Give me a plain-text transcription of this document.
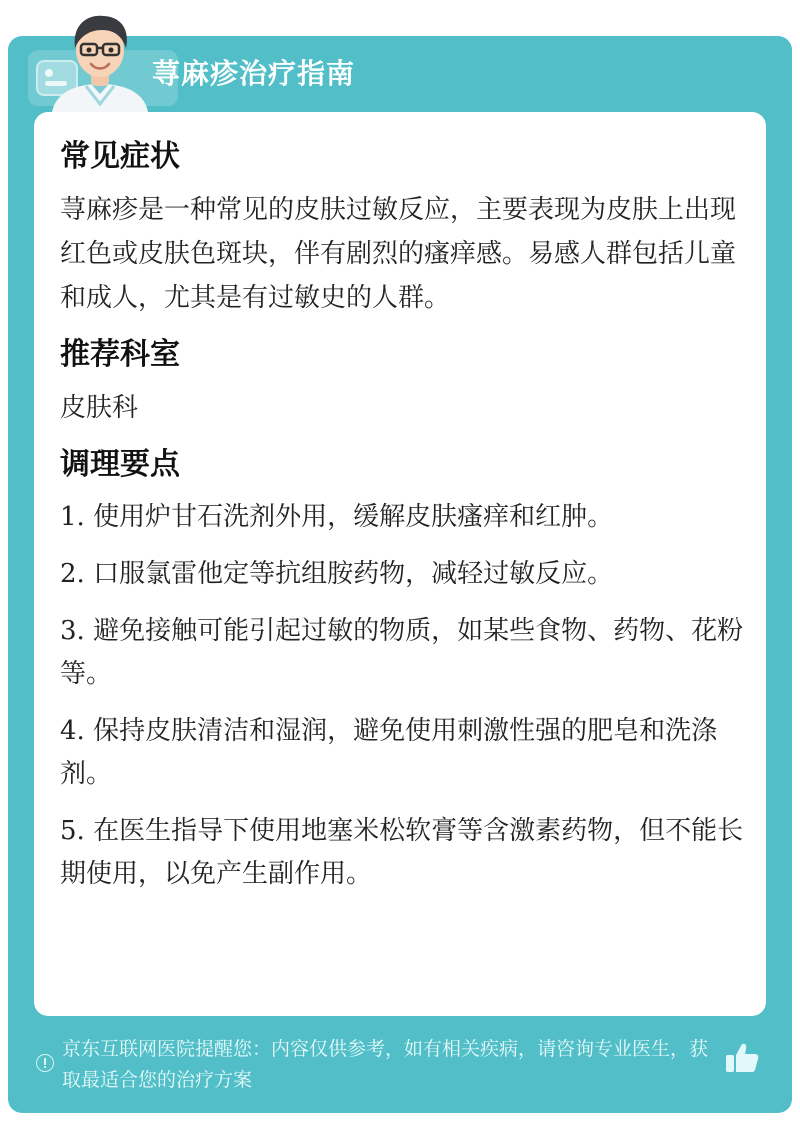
荨麻疹治疗指南
常见症状
荨麻疹是一种常见的皮肤过敏反应，主要表现为皮肤上出现红色或皮肤色斑块，伴有剧烈的瘙痒感。易感人群包括儿童和成人，尤其是有过敏史的人群。
推荐科室
皮肤科
调理要点
1. 使用炉甘石洗剂外用，缓解皮肤瘙痒和红肿。
2. 口服氯雷他定等抗组胺药物，减轻过敏反应。
3. 避免接触可能引起过敏的物质，如某些食物、药物、花粉等。
4. 保持皮肤清洁和湿润，避免使用刺激性强的肥皂和洗涤剂。
5. 在医生指导下使用地塞米松软膏等含激素药物，但不能长期使用，以免产生副作用。
京东互联网医院提醒您：内容仅供参考，如有相关疾病，请咨询专业医生，获取最适合您的治疗方案
